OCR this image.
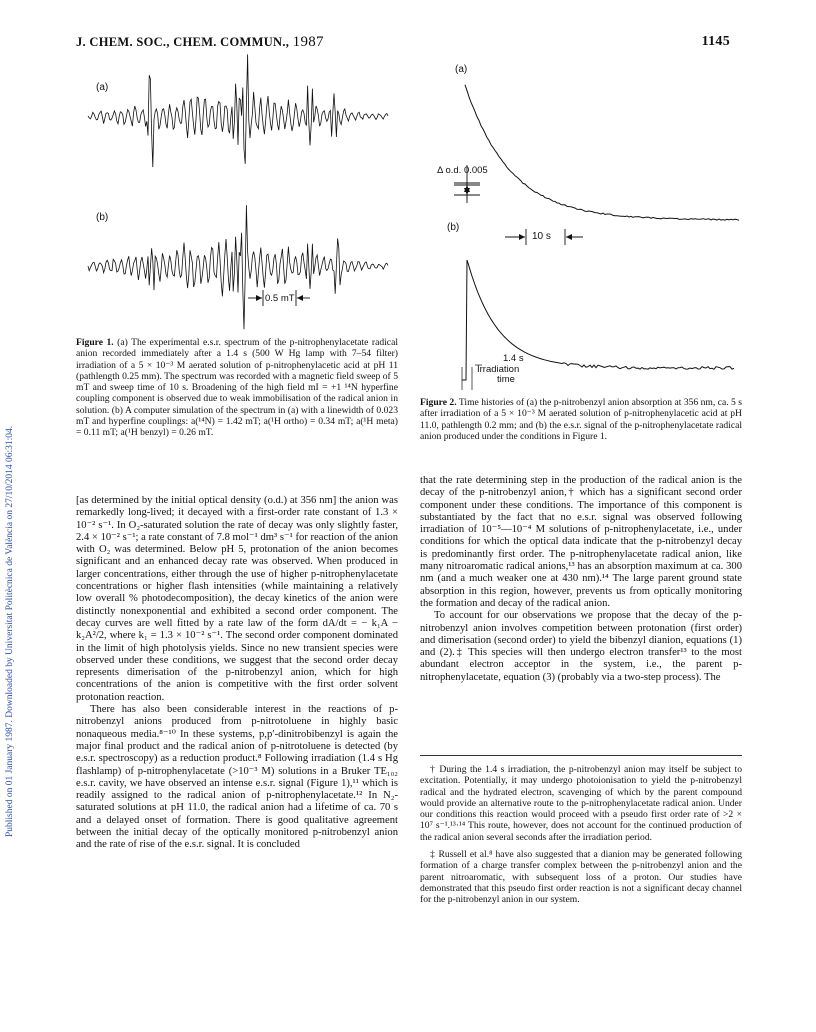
J. CHEM. SOC., CHEM. COMMUN., 1987	1145
Published on 01 January 1987. Downloaded by Universitat Politècnica de València on 27/10/2014 06:31:04.
(a)
(b)
0.5 mT
Figure 1. (a) The experimental e.s.r. spectrum of the p-nitrophenylacetate radical anion recorded immediately after a 1.4 s (500 W Hg lamp with 7–54 filter) irradiation of a 5 × 10⁻³ M aerated solution of p-nitrophenylacetic acid at pH 11 (pathlength 0.25 mm). The spectrum was recorded with a magnetic field sweep of 5 mT and sweep time of 10 s. Broadening of the high field mI = +1 ¹⁴N hyperfine coupling component is observed due to weak immobilisation of the radical anion in solution. (b) A computer simulation of the spectrum in (a) with a linewidth of 0.023 mT and hyperfine couplings: a(¹⁴N) = 1.42 mT; a(¹H ortho) = 0.34 mT; a(¹H meta) = 0.11 mT; a(¹H benzyl) = 0.26 mT.
(a)
(b)
Δ o.d. 0.005
10 s
1.4 s
Irradiation
time
Figure 2. Time histories of (a) the p-nitrobenzyl anion absorption at 356 nm, ca. 5 s after irradiation of a 5 × 10⁻³ M aerated solution of p-nitrophenylacetic acid at pH 11.0, pathlength 0.2 mm; and (b) the e.s.r. signal of the p-nitrophenylacetate radical anion produced under the conditions in Figure 1.

[as determined by the initial optical density (o.d.) at 356 nm] the anion was remarkedly long-lived; it decayed with a first-order rate constant of 1.3 × 10⁻² s⁻¹. In O₂-saturated solution the rate of decay was only slightly faster, 2.4 × 10⁻² s⁻¹; a rate constant of 7.8 mol⁻¹ dm³ s⁻¹ for reaction of the anion with O₂ was determined. Below pH 5, protonation of the anion becomes significant and an enhanced decay rate was observed. When produced in larger concentrations, either through the use of higher p-nitrophenylacetate concentrations or higher flash intensities (while maintaining a relatively low overall % photodecomposition), the decay kinetics of the anion were distinctly nonexponential and exhibited a second order component. The decay curves are well fitted by a rate law of the form dA/dt = − k₁A − k₂A²/2, where k₁ = 1.3 × 10⁻² s⁻¹. The second order component dominated in the limit of high photolysis yields. Since no new transient species were observed under these conditions, we suggest that the second order decay represents dimerisation of the p-nitrobenzyl anion, which for high concentrations of the anion is competitive with the first order solvent protonation reaction.

There has also been considerable interest in the reactions of p-nitrobenzyl anions produced from p-nitrotoluene in highly basic nonaqueous media.⁸⁻¹⁰ In these systems, p,p′-dinitrobibenzyl is again the major final product and the radical anion of p-nitrotoluene is detected (by e.s.r. spectroscopy) as a reduction product.⁸ Following irradiation (1.4 s Hg flashlamp) of p-nitrophenylacetate (>10⁻³ M) solutions in a Bruker TE₁₀₂ e.s.r. cavity, we have observed an intense e.s.r. signal (Figure 1),¹¹ which is readily assigned to the radical anion of p-nitrophenylacetate.¹² In N₂-saturated solutions at pH 11.0, the radical anion had a lifetime of ca. 70 s and a delayed onset of formation. There is good qualitative agreement between the initial decay of the optically monitored p-nitrobenzyl anion and the rate of rise of the e.s.r. signal. It is concluded

that the rate determining step in the production of the radical anion is the decay of the p-nitrobenzyl anion,† which has a significant second order component under these conditions. The importance of this component is substantiated by the fact that no e.s.r. signal was observed following irradiation of 10⁻⁵—10⁻⁴ M solutions of p-nitrophenylacetate, i.e., under conditions for which the optical data indicate that the p-nitrobenzyl decay is predominantly first order. The p-nitrophenylacetate radical anion, like many nitroaromatic radical anions,¹³ has an absorption maximum at ca. 300 nm (and a much weaker one at 430 nm).¹⁴ The large parent ground state absorption in this region, however, prevents us from optically monitoring the formation and decay of the radical anion.

To account for our observations we propose that the decay of the p-nitrobenzyl anion involves competition between protonation (first order) and dimerisation (second order) to yield the bibenzyl dianion, equations (1) and (2).‡ This species will then undergo electron transfer¹³ to the most abundant electron acceptor in the system, i.e., the parent p-nitrophenylacetate, equation (3) (probably via a two-step process). The

† During the 1.4 s irradiation, the p-nitrobenzyl anion may itself be subject to excitation. Potentially, it may undergo photoionisation to yield the p-nitrobenzyl radical and the hydrated electron, scavenging of which by the parent compound would provide an alternative route to the p-nitrophenylacetate radical anion. Under our conditions this reaction would proceed with a pseudo first order rate of >2 × 10⁷ s⁻¹.¹³·¹⁴ This route, however, does not account for the continued production of the radical anion several seconds after the irradiation period.

‡ Russell et al.⁸ have also suggested that a dianion may be generated following formation of a charge transfer complex between the p-nitrobenzyl anion and the parent nitroaromatic, with subsequent loss of a proton. Our studies have demonstrated that this pseudo first order reaction is not a significant decay channel for the p-nitrobenzyl anion in our system.
